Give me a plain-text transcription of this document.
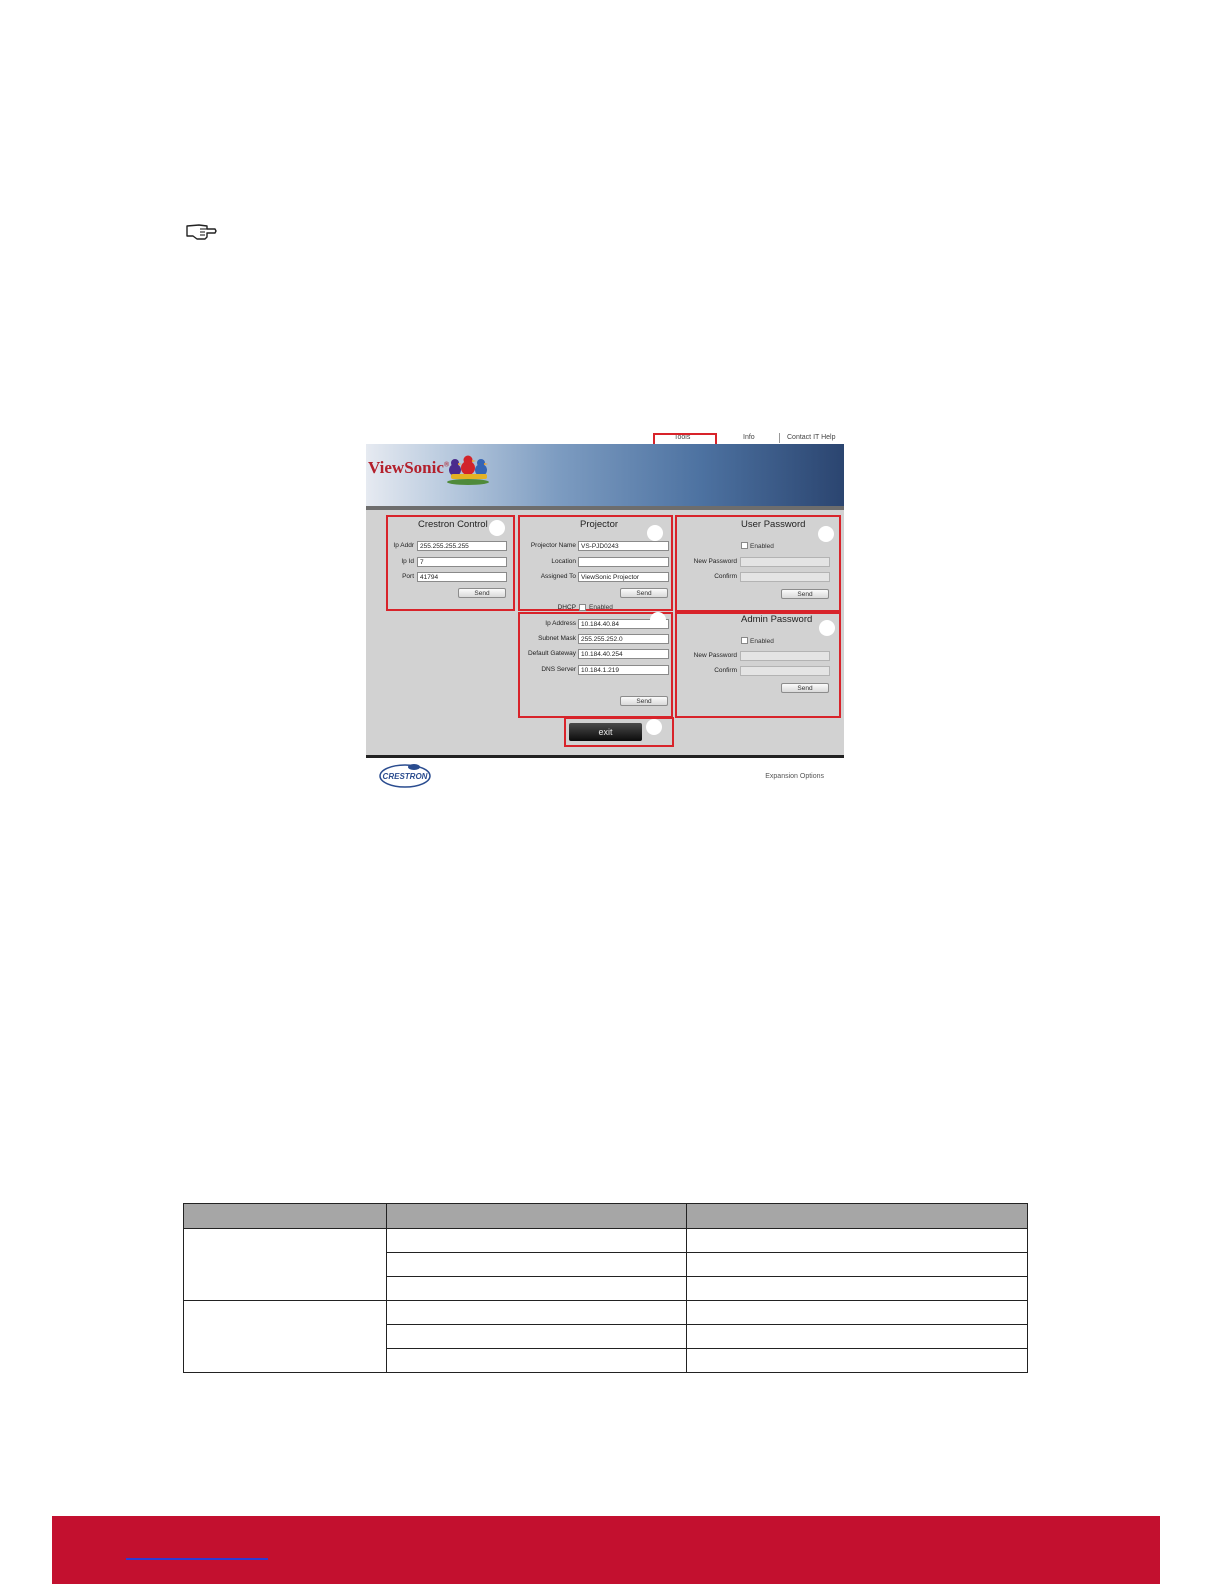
Tools	Info	Contact IT Help
ViewSonic®
Crestron Control
Ip Addr 255.255.255.255
Ip Id 7
Port 41794
Send
Projector
Projector Name VS-PJD0243
Location
Assigned To ViewSonic Projector
Send
DHCP Enabled
Ip Address 10.184.40.84
Subnet Mask 255.255.252.0
Default Gateway 10.184.40.254
DNS Server 10.184.1.219
Send
User Password
Enabled
New Password
Confirm
Send
Admin Password
Enabled
New Password
Confirm
Send
exit
CRESTRON	Expansion Options
